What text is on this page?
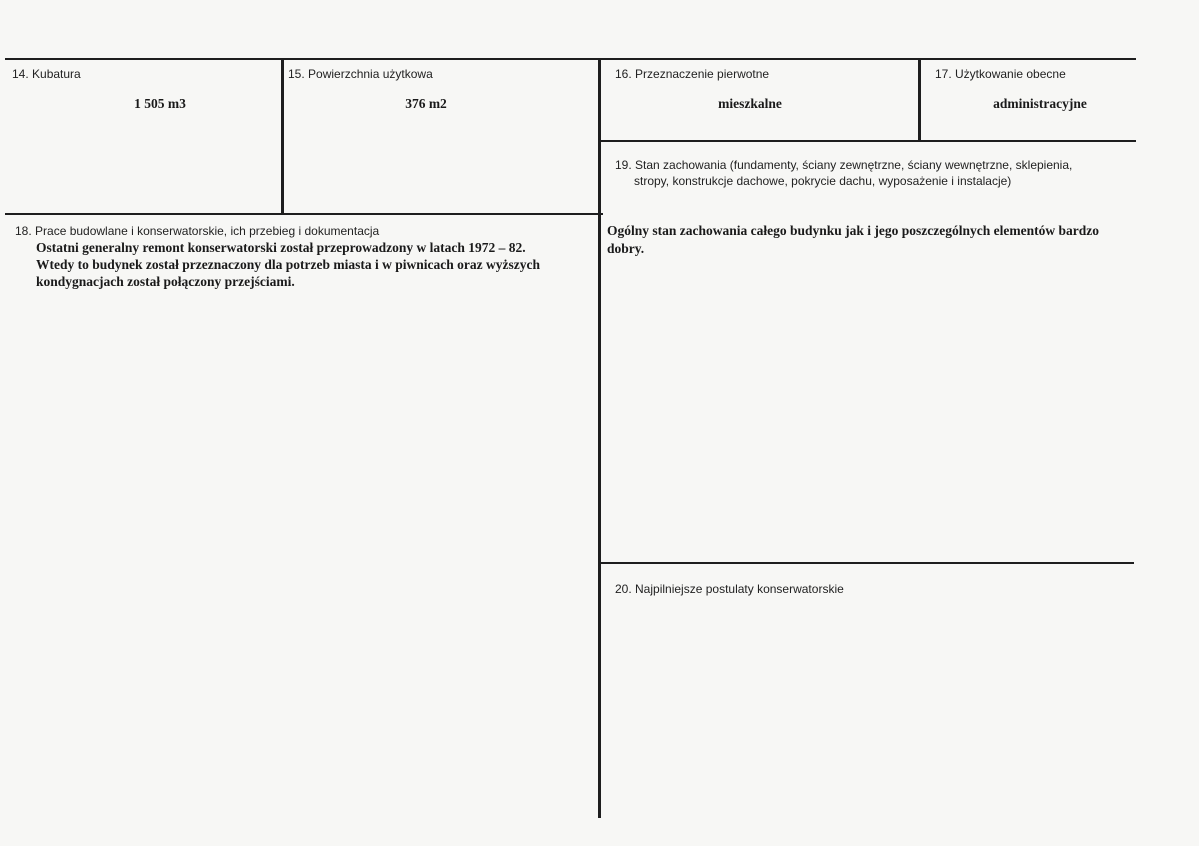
14. Kubatura
1 505 m3
15. Powierzchnia użytkowa
376 m2
16. Przeznaczenie pierwotne
mieszkalne
17. Użytkowanie obecne
administracyjne
19. Stan zachowania (fundamenty, ściany zewnętrzne, ściany wewnętrzne, sklepienia,
stropy, konstrukcje dachowe, pokrycie dachu, wyposażenie i instalacje)
Ogólny stan zachowania całego budynku jak i jego poszczególnych elementów bardzo
dobry.
18. Prace budowlane i konserwatorskie, ich przebieg i dokumentacja
Ostatni generalny remont konserwatorski został przeprowadzony w latach 1972 – 82.
Wtedy to budynek został przeznaczony dla potrzeb miasta i w piwnicach oraz wyższych
kondygnacjach został połączony przejściami.
20. Najpilniejsze postulaty konserwatorskie
